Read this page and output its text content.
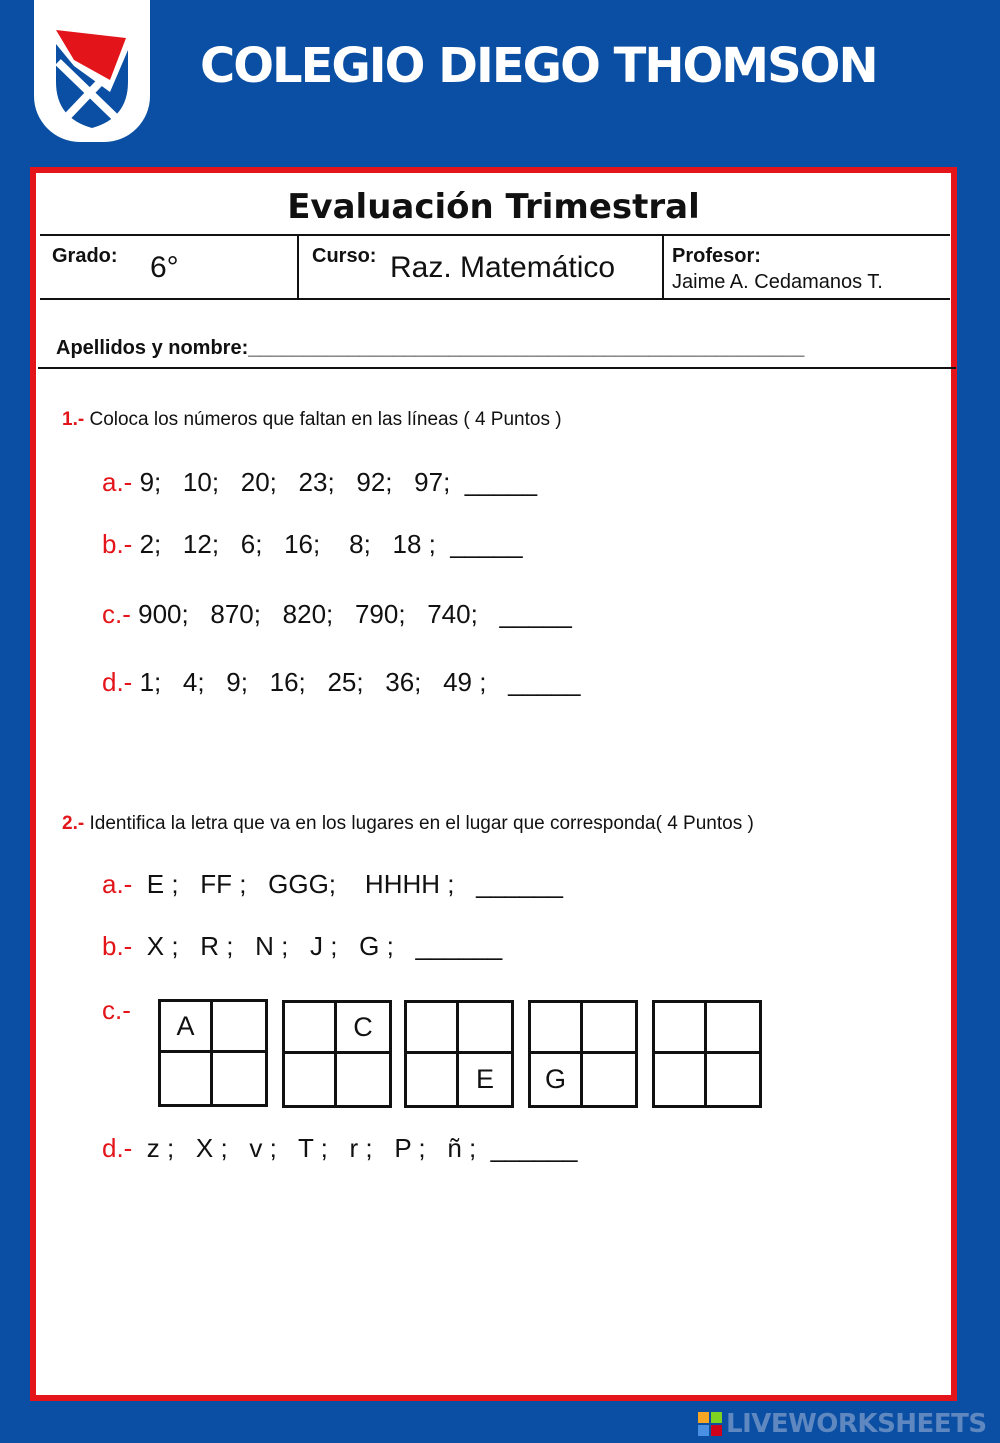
COLEGIO DIEGO THOMSON
Evaluación Trimestral
Grado: 6°	Curso: Raz. Matemático	Profesor:
Jaime A. Cedamanos T.
Apellidos y nombre:__________________________________________________
1.- Coloca los números que faltan en las líneas ( 4 Puntos )
a.- 9;   10;   20;   23;   92;   97;  _____
b.- 2;   12;   6;   16;    8;   18 ;  _____
c.- 900;   870;   820;   790;   740;   _____
d.- 1;   4;   9;   16;   25;   36;   49 ;   _____
2.- Identifica la letra que va en los lugares en el lugar que corresponda( 4 Puntos )
a.-  E ;   FF ;   GGG;    HHHH ;   ______
b.-  X ;   R ;   N ;   J ;   G ;   ______
c.-
A	C
E	G
d.-  z ;   X ;   v ;   T ;   r ;   P ;   ñ ;  ______
LIVEWORKSHEETS
